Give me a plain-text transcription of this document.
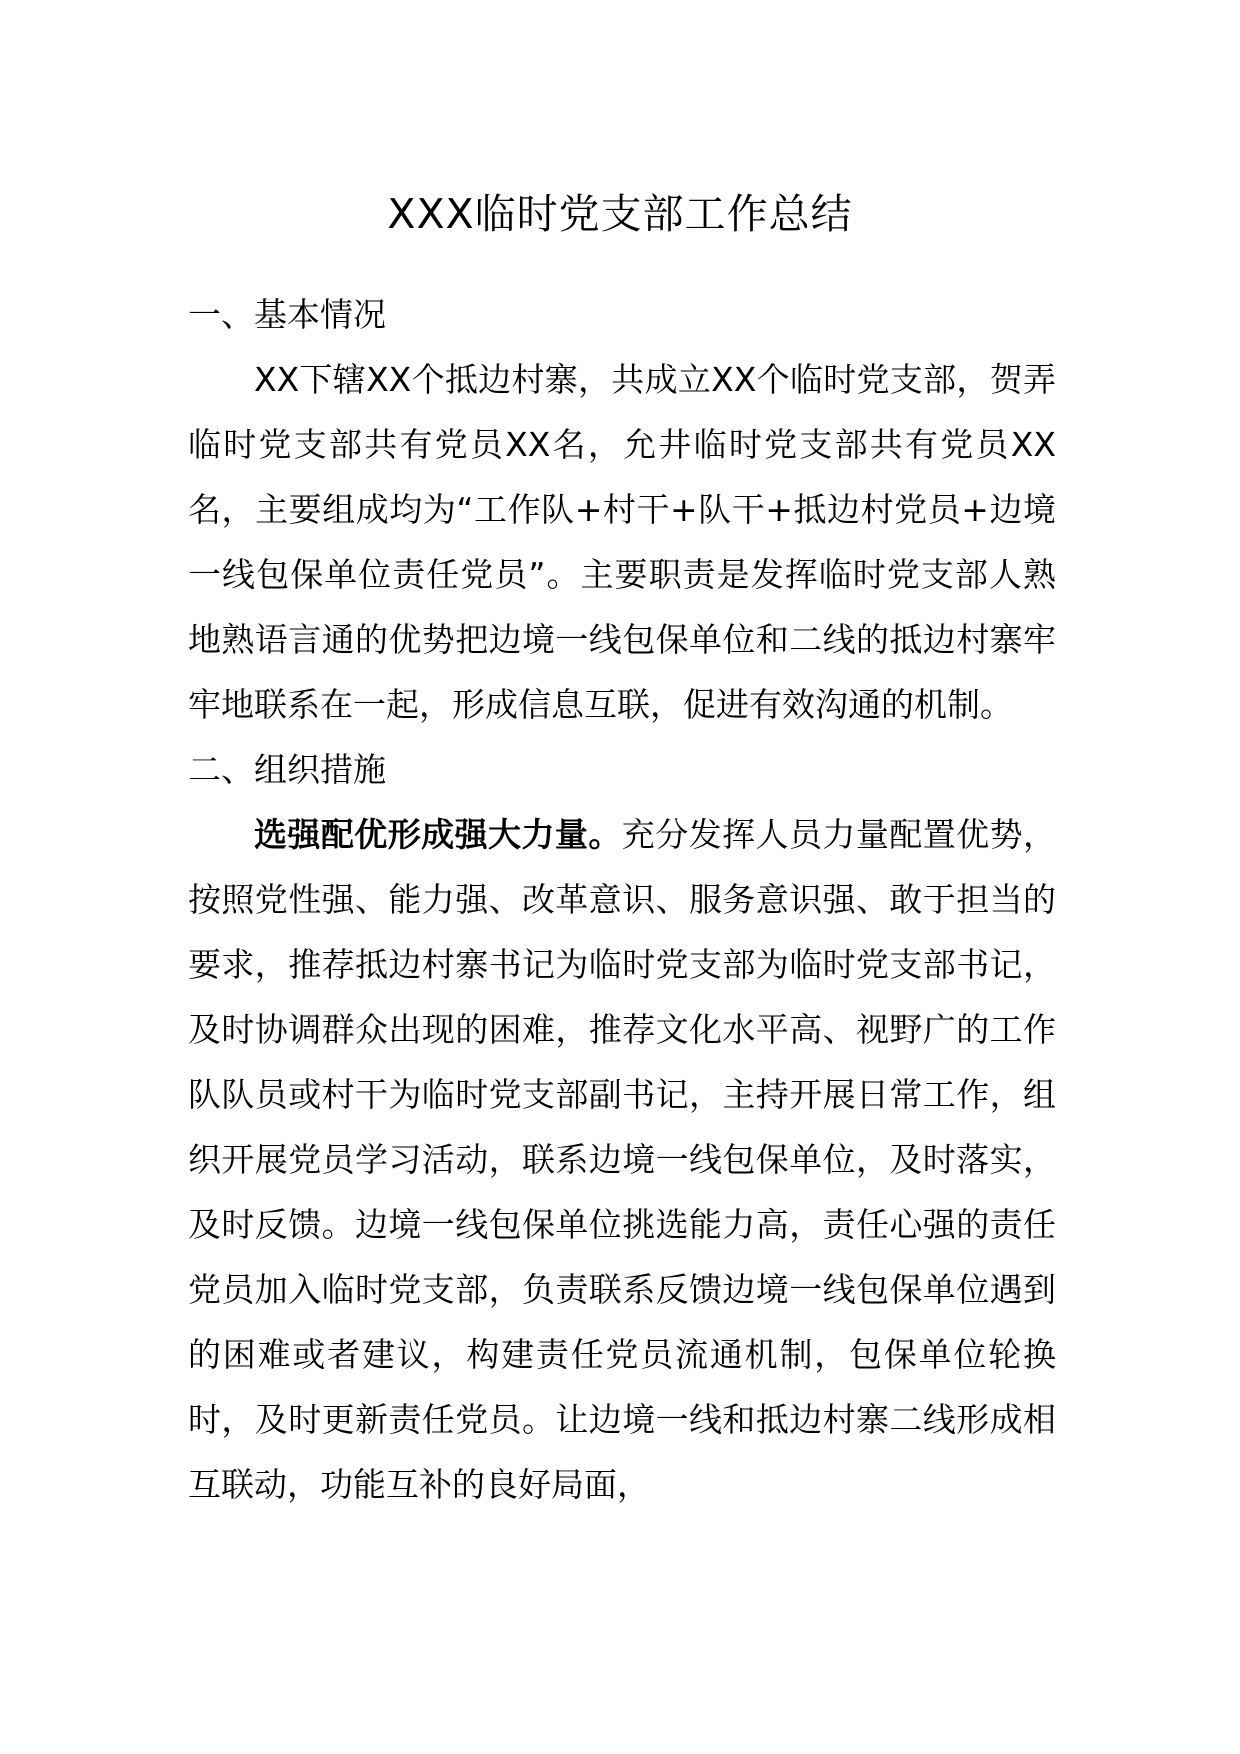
XXX临时党支部工作总结
一、基本情况

XX下辖XX个抵边村寨，共成立XX个临时党支部，贺弄临时党支部共有党员XX名，允井临时党支部共有党员XX名，主要组成均为“工作队+村干+队干+抵边村党员+边境一线包保单位责任党员”。主要职责是发挥临时党支部人熟地熟语言通的优势把边境一线包保单位和二线的抵边村寨牢牢地联系在一起，形成信息互联，促进有效沟通的机制。

二、组织措施

选强配优形成强大力量。充分发挥人员力量配置优势，按照党性强、能力强、改革意识、服务意识强、敢于担当的要求，推荐抵边村寨书记为临时党支部为临时党支部书记，及时协调群众出现的困难，推荐文化水平高、视野广的工作队队员或村干为临时党支部副书记，主持开展日常工作，组织开展党员学习活动，联系边境一线包保单位，及时落实，及时反馈。边境一线包保单位挑选能力高，责任心强的责任党员加入临时党支部，负责联系反馈边境一线包保单位遇到的困难或者建议，构建责任党员流通机制，包保单位轮换时，及时更新责任党员。让边境一线和抵边村寨二线形成相互联动，功能互补的良好局面，
